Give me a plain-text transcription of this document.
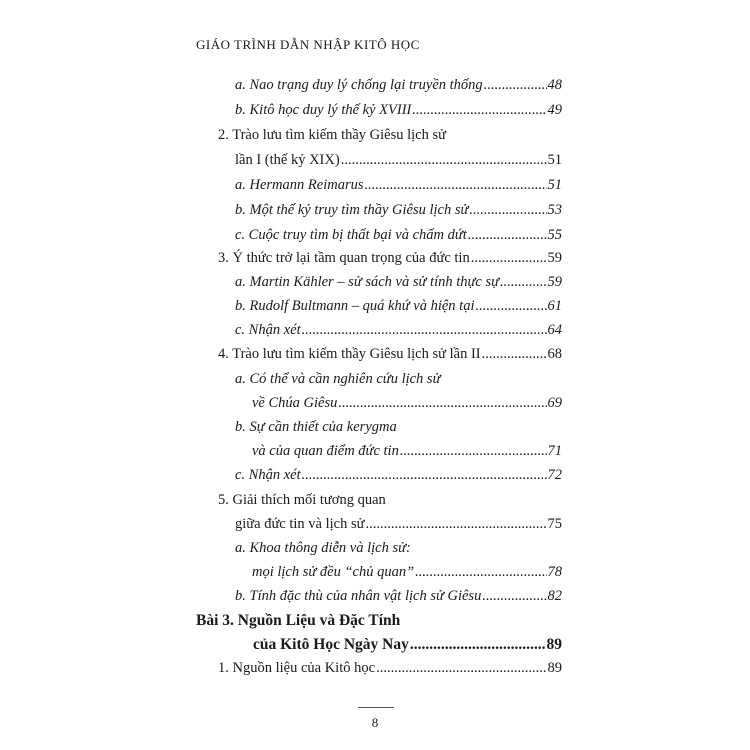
GIÁO TRÌNH DẪN NHẬP KITÔ HỌC
a. Nao trạng duy lý chống lại truyền thống .....	48
b. Kitô học duy lý thế kỷ XVIII .....	49
2. Trào lưu tìm kiếm thầy Giêsu lịch sử
lần I (thế kỷ XIX) .....	51
a. Hermann Reimarus .....	51
b. Một thế kỷ truy tìm thầy Giêsu lịch sử .....	53
c. Cuộc truy tìm bị thất bại và chấm dứt .....	55
3. Ý thức trở lại tầm quan trọng của đức tin .....	59
a. Martin Kähler – sử sách và sử tính thực sự .....	59
b. Rudolf Bultmann – quá khứ và hiện tại .....	61
c. Nhận xét .....	64
4. Trào lưu tìm kiếm thầy Giêsu lịch sử lần II .....	68
a. Có thể và cần nghiên cứu lịch sử
về Chúa Giêsu .....	69
b. Sự cần thiết của kerygma
và của quan điểm đức tin .....	71
c. Nhận xét .....	72
5. Giải thích mối tương quan
giữa đức tin và lịch sử .....	75
a. Khoa thông diễn và lịch sử:
mọi lịch sử đều “chủ quan” .....	78
b. Tính đặc thù của nhân vật lịch sử Giêsu .....	82
Bài 3. Nguồn Liệu và Đặc Tính
của Kitô Học Ngày Nay .....	89
1. Nguồn liệu của Kitô học .....	89
8
